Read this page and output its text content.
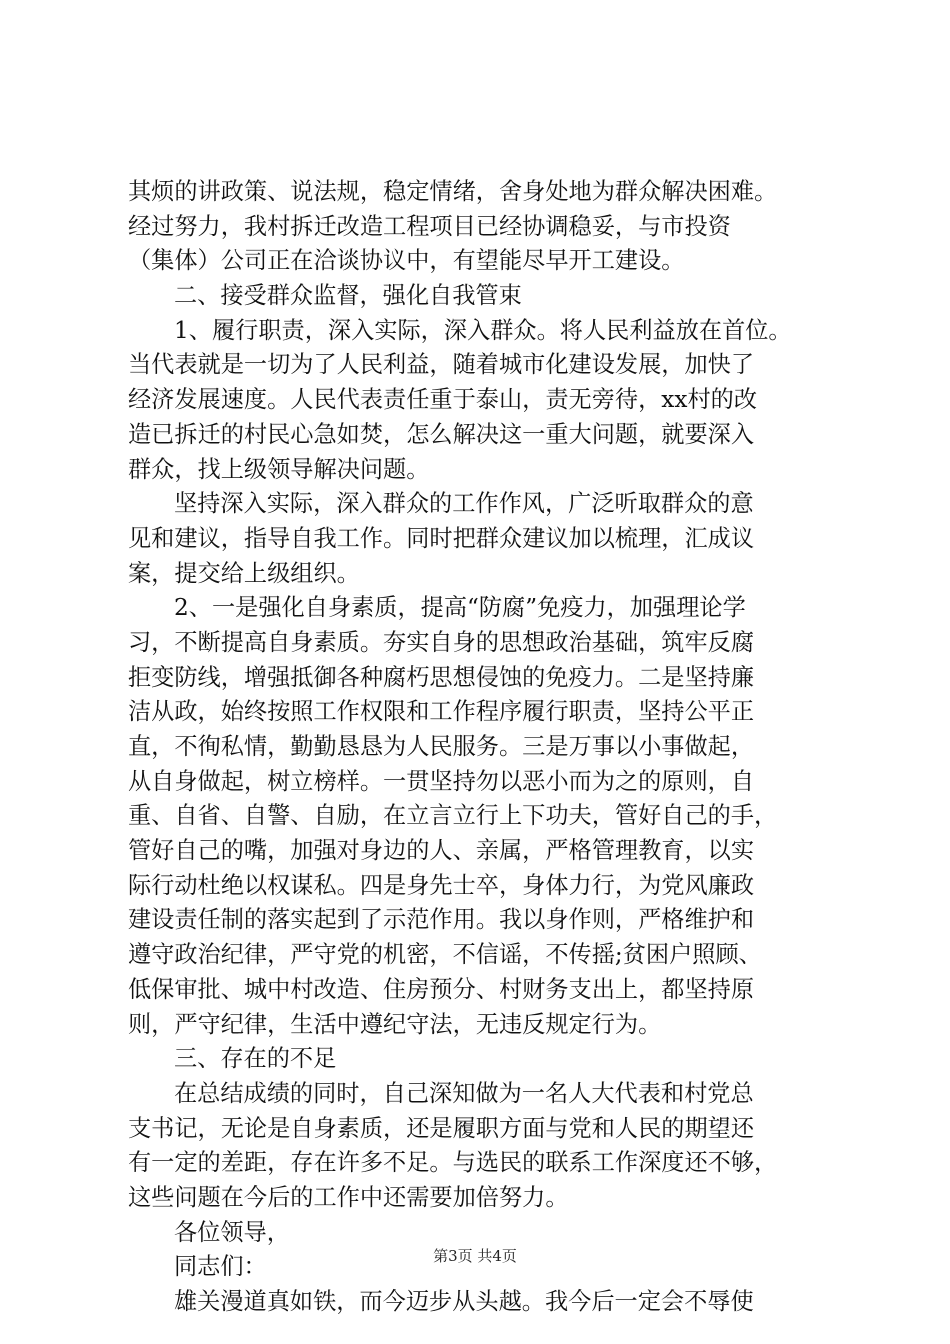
其烦的讲政策、说法规，稳定情绪，舍身处地为群众解决困难。
经过努力，我村拆迁改造工程项目已经协调稳妥，与市投资
（集体）公司正在洽谈协议中，有望能尽早开工建设。
二、接受群众监督，强化自我管束
1、履行职责，深入实际，深入群众。将人民利益放在首位。
当代表就是一切为了人民利益，随着城市化建设发展，加快了
经济发展速度。人民代表责任重于泰山，责无旁待，xx村的改
造已拆迁的村民心急如焚，怎么解决这一重大问题，就要深入
群众，找上级领导解决问题。
坚持深入实际，深入群众的工作作风，广泛听取群众的意
见和建议，指导自我工作。同时把群众建议加以梳理，汇成议
案，提交给上级组织。
2、一是强化自身素质，提高“防腐”免疫力，加强理论学
习，不断提高自身素质。夯实自身的思想政治基础，筑牢反腐
拒变防线，增强抵御各种腐朽思想侵蚀的免疫力。二是坚持廉
洁从政，始终按照工作权限和工作程序履行职责，坚持公平正
直，不徇私情，勤勤恳恳为人民服务。三是万事以小事做起，
从自身做起，树立榜样。一贯坚持勿以恶小而为之的原则，自
重、自省、自警、自励，在立言立行上下功夫，管好自己的手，
管好自己的嘴，加强对身边的人、亲属，严格管理教育，以实
际行动杜绝以权谋私。四是身先士卒，身体力行，为党风廉政
建设责任制的落实起到了示范作用。我以身作则，严格维护和
遵守政治纪律，严守党的机密，不信谣，不传摇;贫困户照顾、
低保审批、城中村改造、住房预分、村财务支出上，都坚持原
则，严守纪律，生活中遵纪守法，无违反规定行为。
三、存在的不足
在总结成绩的同时，自己深知做为一名人大代表和村党总
支书记，无论是自身素质，还是履职方面与党和人民的期望还
有一定的差距，存在许多不足。与选民的联系工作深度还不够，
这些问题在今后的工作中还需要加倍努力。
各位领导，
同志们：
雄关漫道真如铁，而今迈步从头越。我今后一定会不辱使
第3页 共4页
